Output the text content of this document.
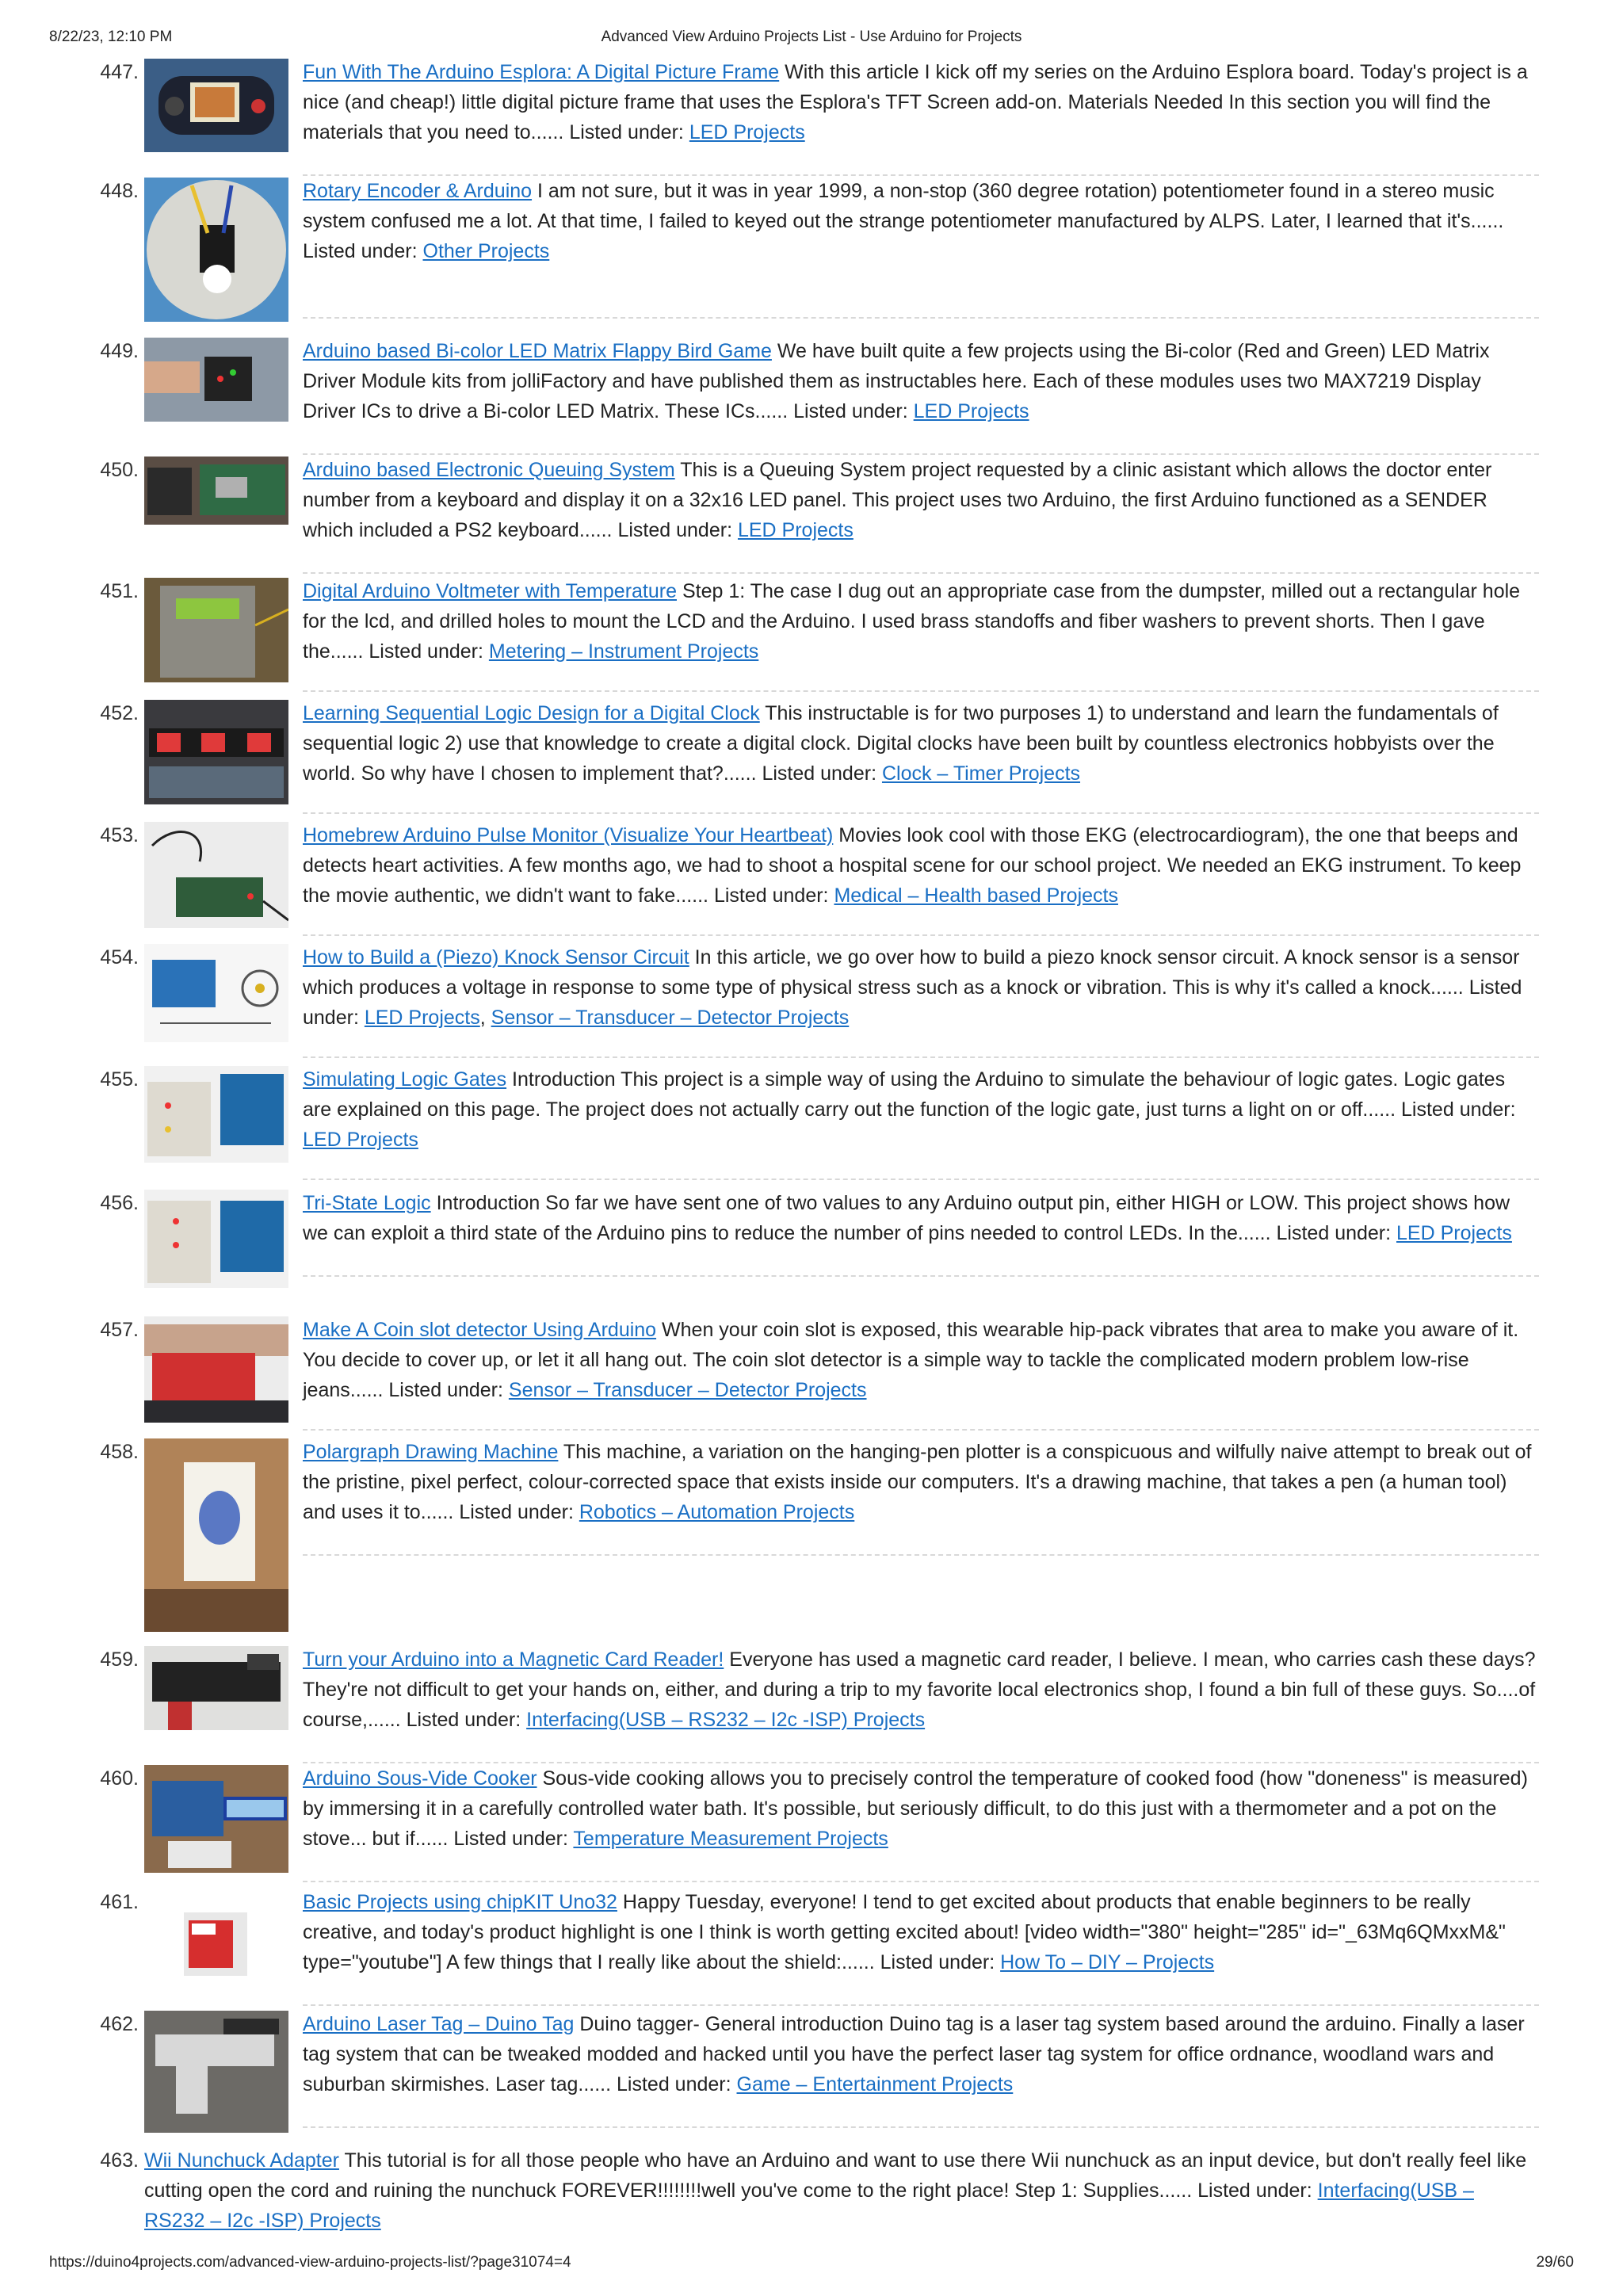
8/22/23, 12:10 PM	Advanced View Arduino Projects List - Use Arduino for Projects
447.	Fun With The Arduino Esplora: A Digital Picture Frame With this article I kick off my series on the Arduino Esplora board. Today's project is a nice (and cheap!) little digital picture frame that uses the Esplora's TFT Screen add-on. Materials Needed In this section you will find the materials that you need to...... Listed under: LED Projects
448.	Rotary Encoder & Arduino I am not sure, but it was in year 1999, a non-stop (360 degree rotation) potentiometer found in a stereo music system confused me a lot. At that time, I failed to keyed out the strange potentiometer manufactured by ALPS. Later, I learned that it's...... Listed under: Other Projects
449.	Arduino based Bi-color LED Matrix Flappy Bird Game We have built quite a few projects using the Bi-color (Red and Green) LED Matrix Driver Module kits from jolliFactory and have published them as instructables here. Each of these modules uses two MAX7219 Display Driver ICs to drive a Bi-color LED Matrix. These ICs...... Listed under: LED Projects
450.	Arduino based Electronic Queuing System This is a Queuing System project requested by a clinic asistant which allows the doctor enter number from a keyboard and display it on a 32x16 LED panel. This project uses two Arduino, the first Arduino functioned as a SENDER which included a PS2 keyboard...... Listed under: LED Projects
451.	Digital Arduino Voltmeter with Temperature Step 1: The case I dug out an appropriate case from the dumpster, milled out a rectangular hole for the lcd, and drilled holes to mount the LCD and the Arduino. I used brass standoffs and fiber washers to prevent shorts. Then I gave the...... Listed under: Metering – Instrument Projects
452.	Learning Sequential Logic Design for a Digital Clock This instructable is for two purposes 1) to understand and learn the fundamentals of sequential logic 2) use that knowledge to create a digital clock. Digital clocks have been built by countless electronics hobbyists over the world. So why have I chosen to implement that?...... Listed under: Clock – Timer Projects
453.	Homebrew Arduino Pulse Monitor (Visualize Your Heartbeat) Movies look cool with those EKG (electrocardiogram), the one that beeps and detects heart activities. A few months ago, we had to shoot a hospital scene for our school project. We needed an EKG instrument. To keep the movie authentic, we didn't want to fake...... Listed under: Medical – Health based Projects
454.	How to Build a (Piezo) Knock Sensor Circuit In this article, we go over how to build a piezo knock sensor circuit. A knock sensor is a sensor which produces a voltage in response to some type of physical stress such as a knock or vibration. This is why it's called a knock...... Listed under: LED Projects, Sensor – Transducer – Detector Projects
455.	Simulating Logic Gates Introduction This project is a simple way of using the Arduino to simulate the behaviour of logic gates. Logic gates are explained on this page. The project does not actually carry out the function of the logic gate, just turns a light on or off...... Listed under: LED Projects
456.	Tri-State Logic Introduction So far we have sent one of two values to any Arduino output pin, either HIGH or LOW. This project shows how we can exploit a third state of the Arduino pins to reduce the number of pins needed to control LEDs. In the...... Listed under: LED Projects
457.	Make A Coin slot detector Using Arduino When your coin slot is exposed, this wearable hip-pack vibrates that area to make you aware of it. You decide to cover up, or let it all hang out. The coin slot detector is a simple way to tackle the complicated modern problem low-rise jeans...... Listed under: Sensor – Transducer – Detector Projects
458.	Polargraph Drawing Machine This machine, a variation on the hanging-pen plotter is a conspicuous and wilfully naive attempt to break out of the pristine, pixel perfect, colour-corrected space that exists inside our computers. It's a drawing machine, that takes a pen (a human tool) and uses it to...... Listed under: Robotics – Automation Projects
459.	Turn your Arduino into a Magnetic Card Reader! Everyone has used a magnetic card reader, I believe. I mean, who carries cash these days? They're not difficult to get your hands on, either, and during a trip to my favorite local electronics shop, I found a bin full of these guys. So....of course,...... Listed under: Interfacing(USB – RS232 – I2c -ISP) Projects
460.	Arduino Sous-Vide Cooker Sous-vide cooking allows you to precisely control the temperature of cooked food (how "doneness" is measured) by immersing it in a carefully controlled water bath. It's possible, but seriously difficult, to do this just with a thermometer and a pot on the stove... but if...... Listed under: Temperature Measurement Projects
461.	Basic Projects using chipKIT Uno32 Happy Tuesday, everyone! I tend to get excited about products that enable beginners to be really creative, and today's product highlight is one I think is worth getting excited about! [video width="380" height="285" id="_63Mq6QMxxM&" type="youtube"] A few things that I really like about the shield:...... Listed under: How To – DIY – Projects
462.	Arduino Laser Tag – Duino Tag Duino tagger- General introduction Duino tag is a laser tag system based around the arduino. Finally a laser tag system that can be tweaked modded and hacked until you have the perfect laser tag system for office ordnance, woodland wars and suburban skirmishes. Laser tag...... Listed under: Game – Entertainment Projects
463. Wii Nunchuck Adapter This tutorial is for all those people who have an Arduino and want to use there Wii nunchuck as an input device, but don't really feel like cutting open the cord and ruining the nunchuck FOREVER!!!!!!!!well you've come to the right place! Step 1: Supplies...... Listed under: Interfacing(USB – RS232 – I2c -ISP) Projects
https://duino4projects.com/advanced-view-arduino-projects-list/?page31074=4	29/60
